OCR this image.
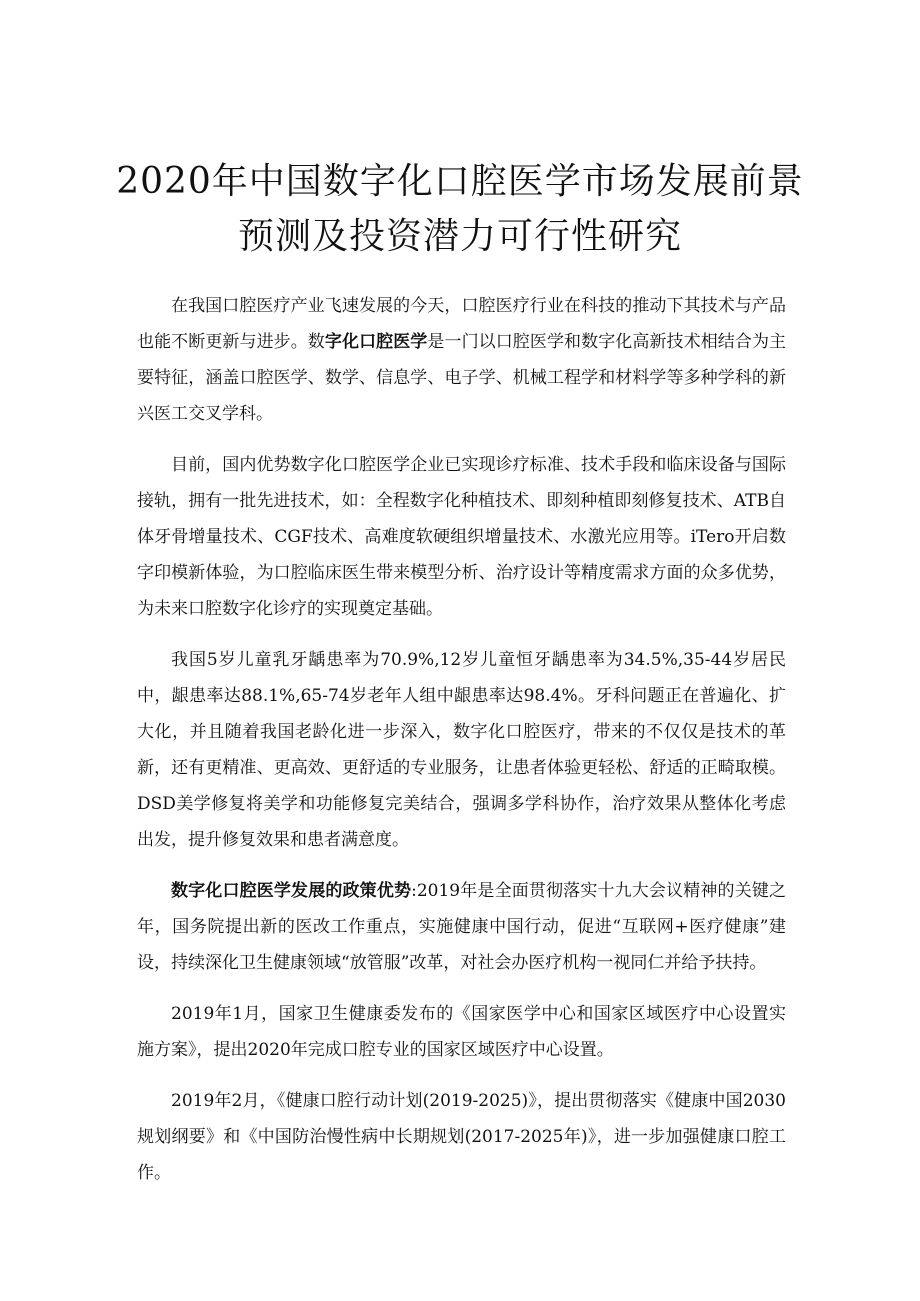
2020年中国数字化口腔医学市场发展前景
预测及投资潜力可行性研究

在我国口腔医疗产业飞速发展的今天，口腔医疗行业在科技的推动下其技术与产品也能不断更新与进步。数字化口腔医学是一门以口腔医学和数字化高新技术相结合为主要特征，涵盖口腔医学、数学、信息学、电子学、机械工程学和材料学等多种学科的新兴医工交叉学科。

目前，国内优势数字化口腔医学企业已实现诊疗标准、技术手段和临床设备与国际接轨，拥有一批先进技术，如：全程数字化种植技术、即刻种植即刻修复技术、ATB自体牙骨增量技术、CGF技术、高难度软硬组织增量技术、水激光应用等。iTero开启数字印模新体验，为口腔临床医生带来模型分析、治疗设计等精度需求方面的众多优势，为未来口腔数字化诊疗的实现奠定基础。

我国5岁儿童乳牙龋患率为70.9%,12岁儿童恒牙龋患率为34.5%,35-44岁居民中，龈患率达88.1%,65-74岁老年人组中龈患率达98.4%。牙科问题正在普遍化、扩大化，并且随着我国老龄化进一步深入，数字化口腔医疗，带来的不仅仅是技术的革新，还有更精准、更高效、更舒适的专业服务，让患者体验更轻松、舒适的正畸取模。DSD美学修复将美学和功能修复完美结合，强调多学科协作，治疗效果从整体化考虑出发，提升修复效果和患者满意度。

数字化口腔医学发展的政策优势:2019年是全面贯彻落实十九大会议精神的关键之年，国务院提出新的医改工作重点，实施健康中国行动，促进“互联网+医疗健康”建设，持续深化卫生健康领域“放管服”改革，对社会办医疗机构一视同仁并给予扶持。

2019年1月，国家卫生健康委发布的《国家医学中心和国家区域医疗中心设置实施方案》，提出2020年完成口腔专业的国家区域医疗中心设置。

2019年2月，《健康口腔行动计划(2019-2025)》，提出贯彻落实《健康中国2030规划纲要》和《中国防治慢性病中长期规划(2017-2025年)》，进一步加强健康口腔工作。
